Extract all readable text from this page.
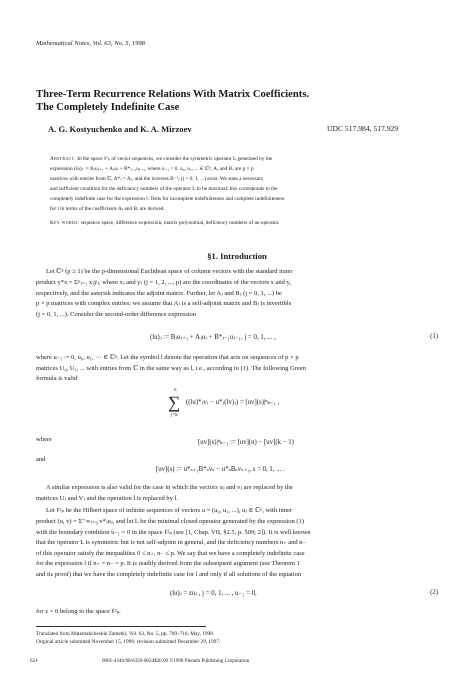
Mathematical Notes, Vol. 63, No. 5, 1998
Three-Term Recurrence Relations With Matrix Coefficients.
The Completely Indefinite Case
A. G. Kostyuchenko and K. A. Mirzoev	UDC 517.984, 517.929
Abstract. In the space ℓ²ₚ of vector sequences, we consider the symmetric operator L generated by the
expression (lu)ⱼ := Bⱼuⱼ₊₁ + Aⱼuⱼ + B*ⱼ₋₁uⱼ₋₁, where u₋₁ = 0, u₀, u₁, ... ∈ ℂᵖ, Aⱼ and Bⱼ are p × p
matrices with entries from ℂ, A*ⱼ = Aⱼ, and the inverses B⁻¹ⱼ (j = 0, 1, ...) exist. We state a necessary
and sufficient condition for the deficiency numbers of the operator L to be maximal; this corresponds to the
completely indefinite case for the expression l. Tests for incomplete indefiniteness and complete indefiniteness
for l in terms of the coefficients Aⱼ and Bⱼ are derived.
Key words: sequence space, difference expression, matrix polynomial, deficiency numbers of an operator.
§1. Introduction
Let ℂᵖ (p ≥ 1) be the p-dimensional Euclidean space of column vectors with the standard inner
product y*x = Σᵖⱼ₌₁ xⱼȳⱼ, where xⱼ and yⱼ (j = 1, 2, ..., p) are the coordinates of the vectors x and y,
respectively, and the asterisk indicates the adjoint matrix. Further, let Aⱼ and Bⱼ (j = 0, 1, ...) be
p × p matrices with complex entries; we assume that Aⱼ is a self-adjoint matrix and Bⱼ is invertible
(j = 0, 1, ...). Consider the second-order difference expression
(lu)ⱼ := Bⱼuⱼ₊₁ + Aⱼuⱼ + B*ⱼ₋₁uⱼ₋₁, j = 0, 1, ... ,	(1)
where u₋₁ := 0, u₀, u₁, ··· ∈ ℂᵖ. Let the symbol l denote the operation that acts on sequences of p × p
matrices U₀, U₁, ... with entries from ℂ in the same way as l, i.e., according to (1). The following Green
formula is valid:
n
∑
j=k
((lu)*ⱼvⱼ − u*ⱼ(lv)ⱼ) = [uv](s)|ⁿₖ₋₁ ,
where	[uv](s)|ⁿₖ₋₁ := [uv](n) − [uv](k − 1)
and
[uv](s) := u*ₛ₊₁B*ₛvₛ − u*ₛBₛvₛ₊₁, s = 0, 1, ... .
A similar expression is also valid for the case in which the vectors uⱼ and vⱼ are replaced by the
matrices Uⱼ and Vⱼ and the operation l is replaced by l.
Let ℓ²ₚ be the Hilbert space of infinite sequences of vectors u = (u₀, u₁, ...), uⱼ ∈ ℂᵖ, with inner
product (u, v) = Σ⁺∞ⱼ₌₀ v*ⱼuⱼ, and let L be the minimal closed operator generated by the expression (1)
with the boundary condition u₋₁ = 0 in the space ℓ²ₚ (see [1, Chap. VII, §2.5, p. 509; 2]). It is well known
that the operator L is symmetric but is not self-adjoint in general, and the deficiency numbers n₊ and n₋
of this operator satisfy the inequalities 0 ≤ n₊, n₋ ≤ p. We say that we have a completely indefinite case
for the expression l if n₊ = n₋ = p. It is readily derived from the subsequent argument (see Theorem 1
and its proof) that we have the completely indefinite case for l and only if all solutions of the equation
(lu)ⱼ = zuⱼ , j = 0, 1, ... , u₋₁ = 0,	(2)
for z = 0 belong to the space ℓ²ₚ.
Translated from Matematicheskie Zametki, Vol. 63, No. 5, pp. 709–716, May, 1998.
Original article submitted November 15, 1996; revision submitted December 29, 1997.
624	0001-4346/98/6356-0624$20.00 ©1998 Plenum Publishing Corporation
